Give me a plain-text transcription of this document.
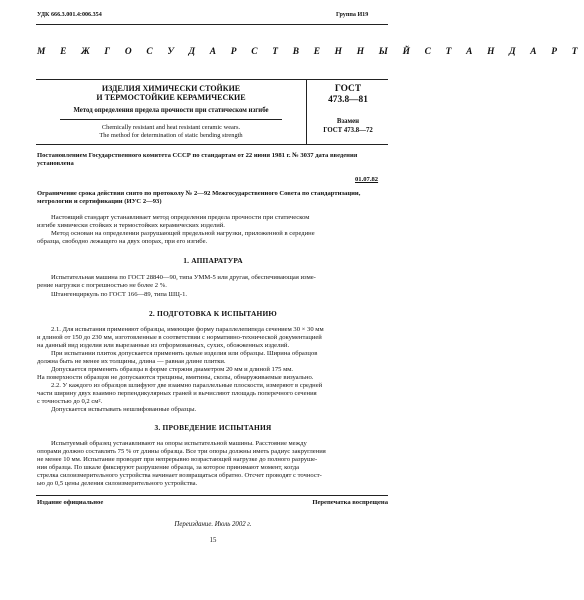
УДК 666.3.001.4:006.354	Группа И19
М Е Ж Г О С У Д А Р С Т В Е Н Н Ы Й С Т А Н Д А Р Т
ИЗДЕЛИЯ ХИМИЧЕСКИ СТОЙКИЕ
И ТЕРМОСТОЙКИЕ КЕРАМИЧЕСКИЕ
Метод определения предела прочности при статическом изгибе
Chemically resistant and heat resistant ceramic wears.
The method for determination of static bending strength
ГОСТ
473.8—81
Взамен
ГОСТ 473.8—72
Постановлением Государственного комитета СССР по стандартам от 22 июня 1981 г. № 3037 дата введения
установлена
01.07.82
Ограничение срока действия снято по протоколу № 2—92 Межгосударственного Совета по стандартизации,
метрологии и сертификации (ИУС 2—93)
Настоящий стандарт устанавливает метод определения предела прочности при статическом
изгибе химически стойких и термостойких керамических изделий.
Метод основан на определении разрушающей предельной нагрузки, приложенной в середине
образца, свободно лежащего на двух опорах, при его изгибе.
1. АППАРАТУРА
Испытательная машина по ГОСТ 28840—90, типа УММ-5 или другая, обеспечивающая изме-
рение нагрузки с погрешностью не более 2 %.
Штангенциркуль по ГОСТ 166—89, типа ШЦ-1.
2. ПОДГОТОВКА К ИСПЫТАНИЮ
2.1. Для испытания применяют образцы, имеющие форму параллелепипеда сечением 30 × 30 мм
и длиной от 150 до 230 мм, изготовленные в соответствии с нормативно-технической документацией
на данный вид изделия или вырезанные из отформованных, сухих, обожженных изделий.
При испытании плиток допускается применять целые изделия или образцы. Ширина образцов
должна быть не менее их толщины, длина — равная длине плитки.
Допускается применять образцы в форме стержня диаметром 20 мм и длиной 175 мм.
На поверхности образцов не допускаются трещины, вмятины, сколы, обнаруживаемые визуально.
2.2. У каждого из образцов шлифуют две взаимно параллельные плоскости, измеряют в средней
части ширину двух взаимно перпендикулярных граней и вычисляют площадь поперечного сечения
с точностью до 0,2 см².
Допускается испытывать нешлифованные образцы.
3. ПРОВЕДЕНИЕ ИСПЫТАНИЯ
Испытуемый образец устанавливают на опоры испытательной машины. Расстояние между
опорами должно составлять 75 % от длины образца. Все три опоры должны иметь радиус закругления
не менее 10 мм. Испытание проводят при непрерывно возрастающей нагрузке до полного разруше-
ния образца. По шкале фиксируют разрушение образца, за которое принимают момент, когда
стрелка силоизмерительного устройства начинает возвращаться обратно. Отсчет проводят с точност-
ью до 0,5 цены деления силоизмерительного устройства.
Издание официальное	Перепечатка воспрещена
Переиздание. Июль 2002 г.
15
